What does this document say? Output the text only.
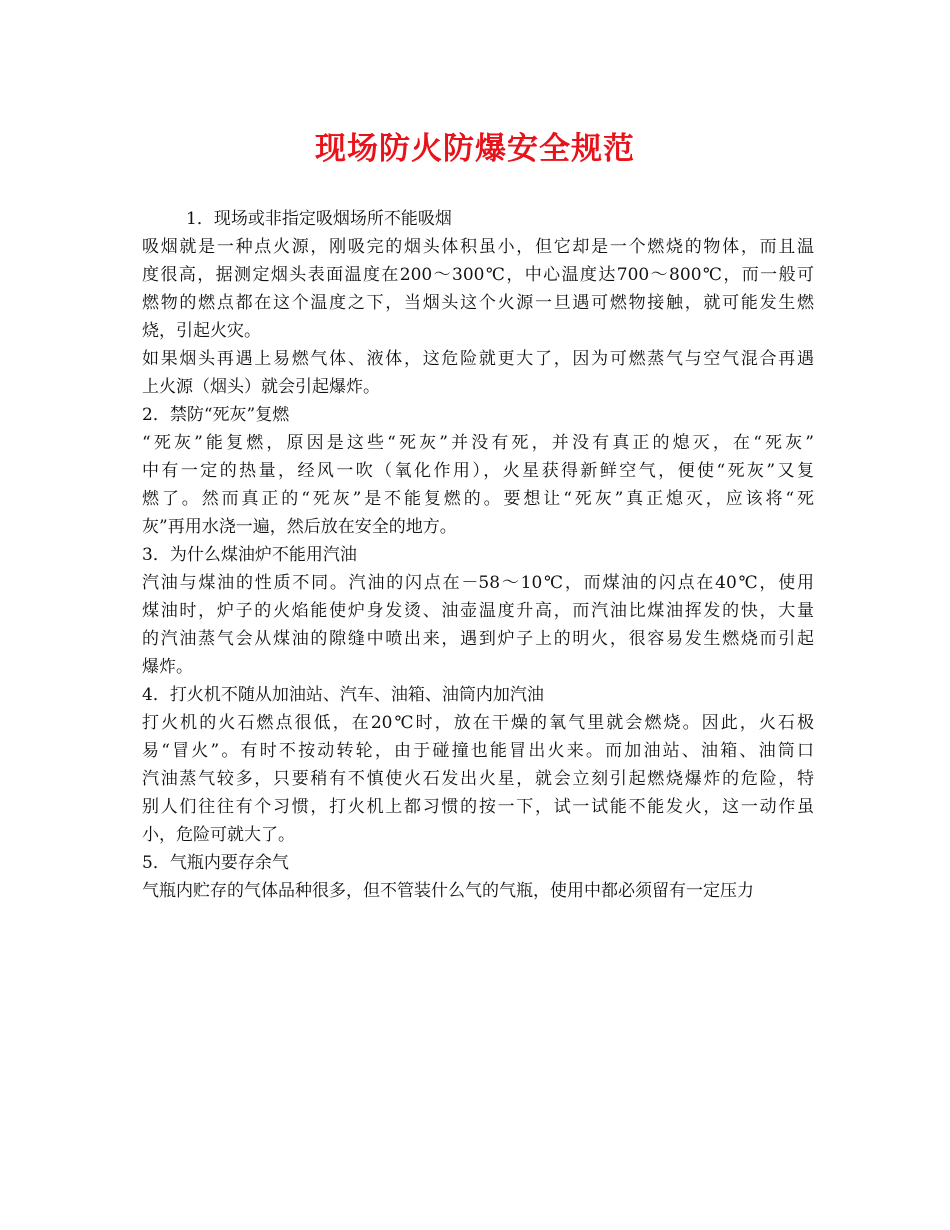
现场防火防爆安全规范
1．现场或非指定吸烟场所不能吸烟
吸烟就是一种点火源，刚吸完的烟头体积虽小，但它却是一个燃烧的物体，而且温
度很高，据测定烟头表面温度在200～300℃，中心温度达700～800℃，而一般可
燃物的燃点都在这个温度之下，当烟头这个火源一旦遇可燃物接触，就可能发生燃
烧，引起火灾。
如果烟头再遇上易燃气体、液体，这危险就更大了，因为可燃蒸气与空气混合再遇
上火源（烟头）就会引起爆炸。
2．禁防“死灰”复燃
“死灰”能复燃，原因是这些“死灰”并没有死，并没有真正的熄灭，在“死灰”
中有一定的热量，经风一吹（氧化作用），火星获得新鲜空气，便使“死灰”又复
燃了。然而真正的“死灰”是不能复燃的。要想让“死灰”真正熄灭，应该将“死
灰”再用水浇一遍，然后放在安全的地方。
3．为什么煤油炉不能用汽油
汽油与煤油的性质不同。汽油的闪点在－58～10℃，而煤油的闪点在40℃，使用
煤油时，炉子的火焰能使炉身发烫、油壶温度升高，而汽油比煤油挥发的快，大量
的汽油蒸气会从煤油的隙缝中喷出来，遇到炉子上的明火，很容易发生燃烧而引起
爆炸。
4．打火机不随从加油站、汽车、油箱、油筒内加汽油
打火机的火石燃点很低，在20℃时，放在干燥的氧气里就会燃烧。因此，火石极
易“冒火”。有时不按动转轮，由于碰撞也能冒出火来。而加油站、油箱、油筒口
汽油蒸气较多，只要稍有不慎使火石发出火星，就会立刻引起燃烧爆炸的危险，特
别人们往往有个习惯，打火机上都习惯的按一下，试一试能不能发火，这一动作虽
小，危险可就大了。
5．气瓶内要存余气
气瓶内贮存的气体品种很多，但不管装什么气的气瓶，使用中都必须留有一定压力
